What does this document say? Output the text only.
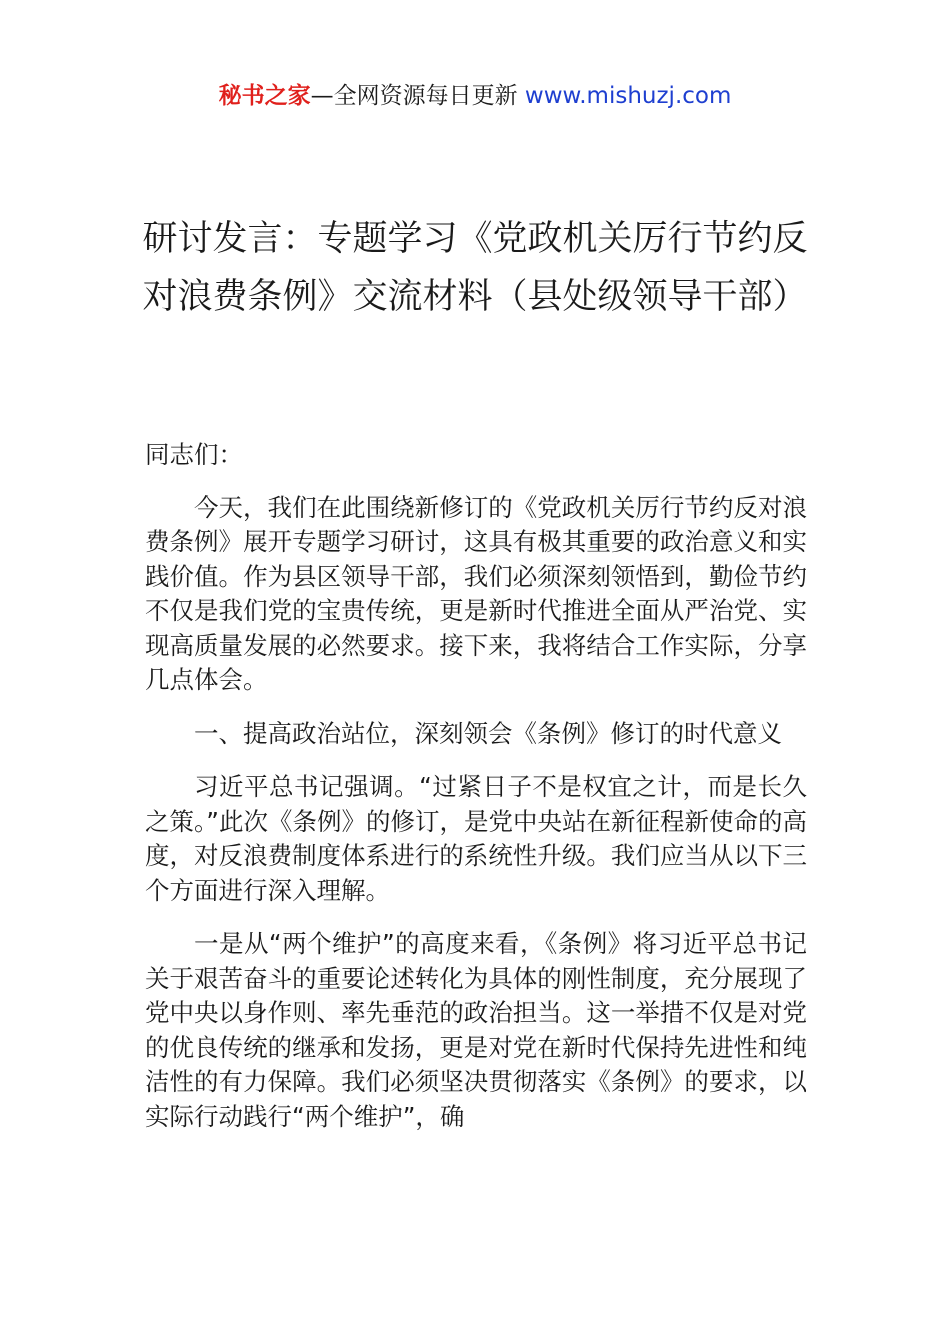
秘书之家—全网资源每日更新 www.mishuzj.com
研讨发言：专题学习《党政机关厉行节约反对浪费条例》交流材料（县处级领导干部）

同志们：

今天，我们在此围绕新修订的《党政机关厉行节约反对浪费条例》展开专题学习研讨，这具有极其重要的政治意义和实践价值。作为县区领导干部，我们必须深刻领悟到，勤俭节约不仅是我们党的宝贵传统，更是新时代推进全面从严治党、实现高质量发展的必然要求。接下来，我将结合工作实际，分享几点体会。

一、提高政治站位，深刻领会《条例》修订的时代意义

习近平总书记强调。“过紧日子不是权宜之计，而是长久之策。”此次《条例》的修订，是党中央站在新征程新使命的高度，对反浪费制度体系进行的系统性升级。我们应当从以下三个方面进行深入理解。

一是从“两个维护”的高度来看，《条例》将习近平总书记关于艰苦奋斗的重要论述转化为具体的刚性制度，充分展现了党中央以身作则、率先垂范的政治担当。这一举措不仅是对党的优良传统的继承和发扬，更是对党在新时代保持先进性和纯洁性的有力保障。我们必须坚决贯彻落实《条例》的要求，以实际行动践行“两个维护”，确
